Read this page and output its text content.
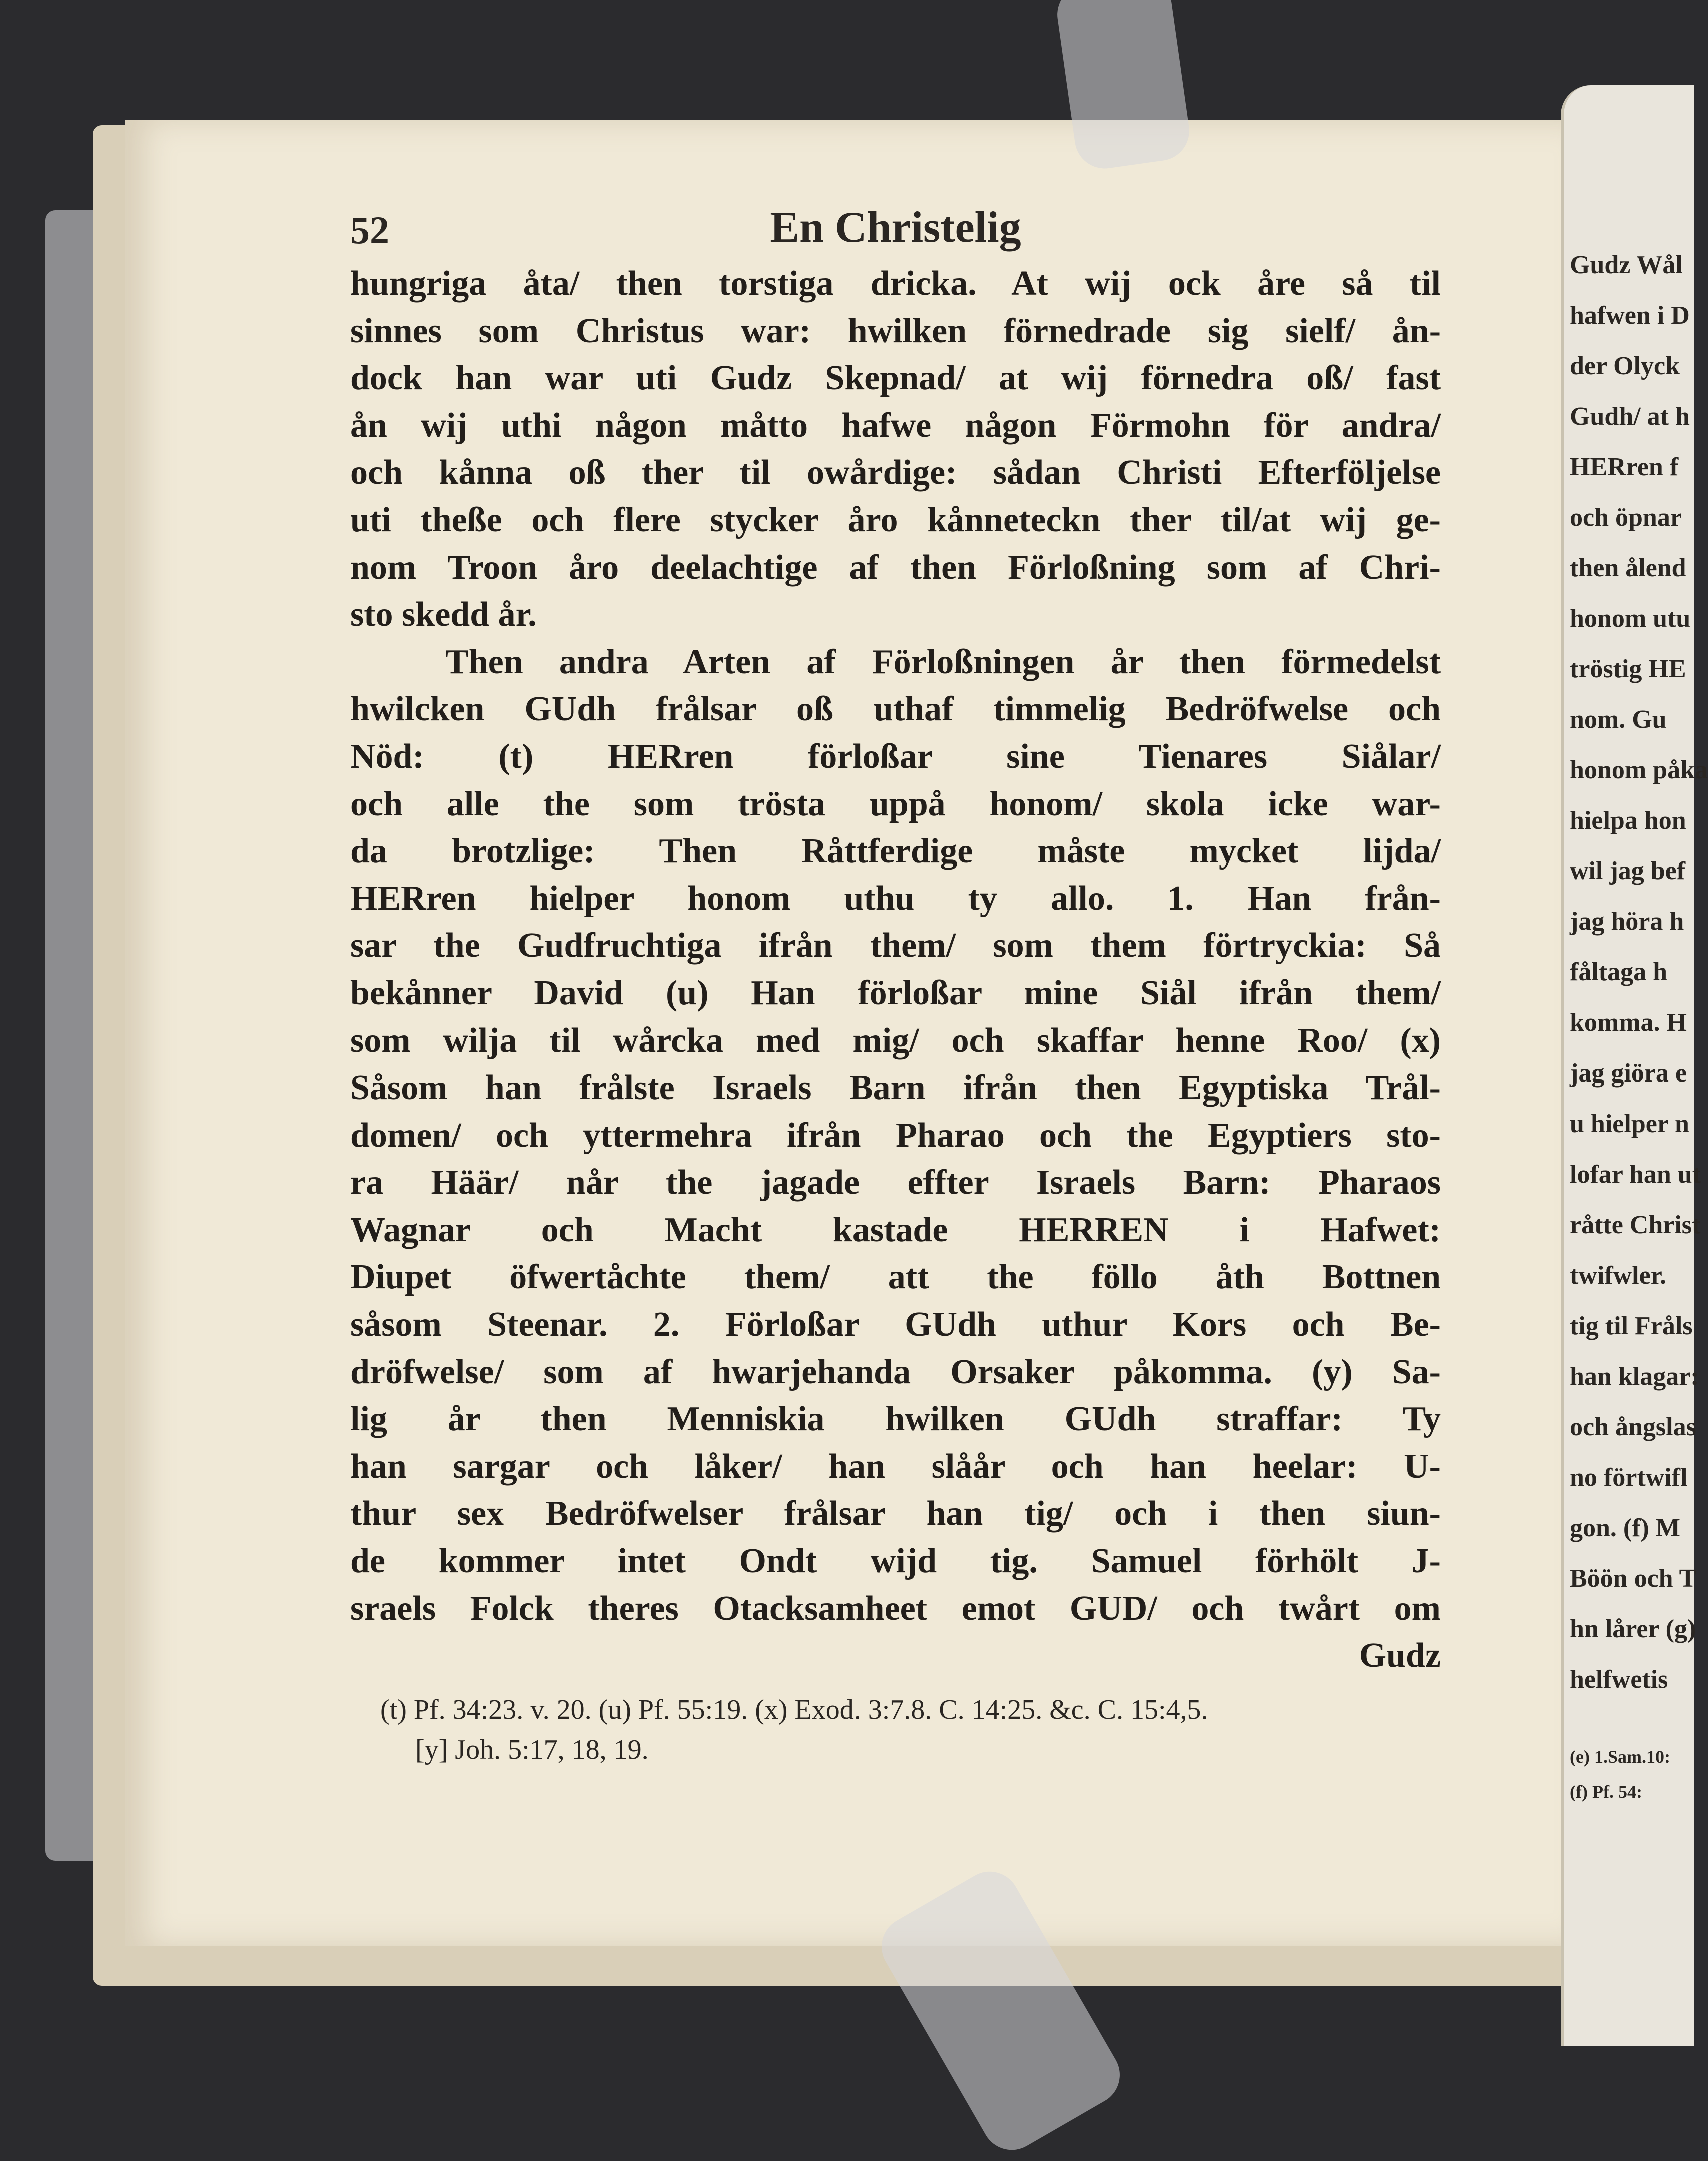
Gudz Wål
hafwen i D
der Olyck
Gudh/ at h
HERren f
och öpnar
then ålend
honom utu
tröstig HE
nom. Gu
honom påka
hielpa hon
wil jag bef
jag höra h
fåltaga h
komma. H
jag giöra e
u hielper n
lofar han ut
råtte Christ
twifwler.
tig til Fråls
han klagar:
och ångslas
no förtwifl
gon. (f) M
Böön och T
hn lårer (g)
helfwetis
(e) 1.Sam.10:
(f) Pf. 54:
52	En Christelig
hungriga åta/ then torstiga dricka. At wij ock åre så til
sinnes som Christus war: hwilken förnedrade sig sielf/ ån-
dock han war uti Gudz Skepnad/ at wij förnedra oß/ fast
ån wij uthi någon måtto hafwe någon Förmohn för andra/
och kånna oß ther til owårdige: sådan Christi Efterföljelse
uti theße och flere stycker åro kånneteckn ther til/at wij ge-
nom Troon åro deelachtige af then Förloßning som af Chri-
sto skedd år.
Then andra Arten af Förloßningen år then förmedelst
hwilcken GUdh frålsar oß uthaf timmelig Bedröfwelse och
Nöd: (t) HERren förloßar sine Tienares Siålar/
och alle the som trösta uppå honom/ skola icke war-
da brotzlige: Then Råttferdige måste mycket lijda/
HERren hielper honom uthu ty allo. 1. Han från-
sar the Gudfruchtiga ifrån them/ som them förtryckia: Så
bekånner David (u) Han förloßar mine Siål ifrån them/
som wilja til wårcka med mig/ och skaffar henne Roo/ (x)
Såsom han frålste Israels Barn ifrån then Egyptiska Trål-
domen/ och yttermehra ifrån Pharao och the Egyptiers sto-
ra Häär/ når the jagade effter Israels Barn: Pharaos
Wagnar och Macht kastade HERREN i Hafwet:
Diupet öfwertåchte them/ att the föllo åth Bottnen
såsom Steenar. 2. Förloßar GUdh uthur Kors och Be-
dröfwelse/ som af hwarjehanda Orsaker påkomma. (y) Sa-
lig år then Menniskia hwilken GUdh straffar: Ty
han sargar och låker/ han slåår och han heelar: U-
thur sex Bedröfwelser frålsar han tig/ och i then siun-
de kommer intet Ondt wijd tig. Samuel förhölt J-
sraels Folck theres Otacksamheet emot GUD/ och twårt om
Gudz
(t) Pf. 34:23. v. 20. (u) Pf. 55:19. (x) Exod. 3:7.8. C. 14:25. &c. C. 15:4,5.
[y] Joh. 5:17, 18, 19.
